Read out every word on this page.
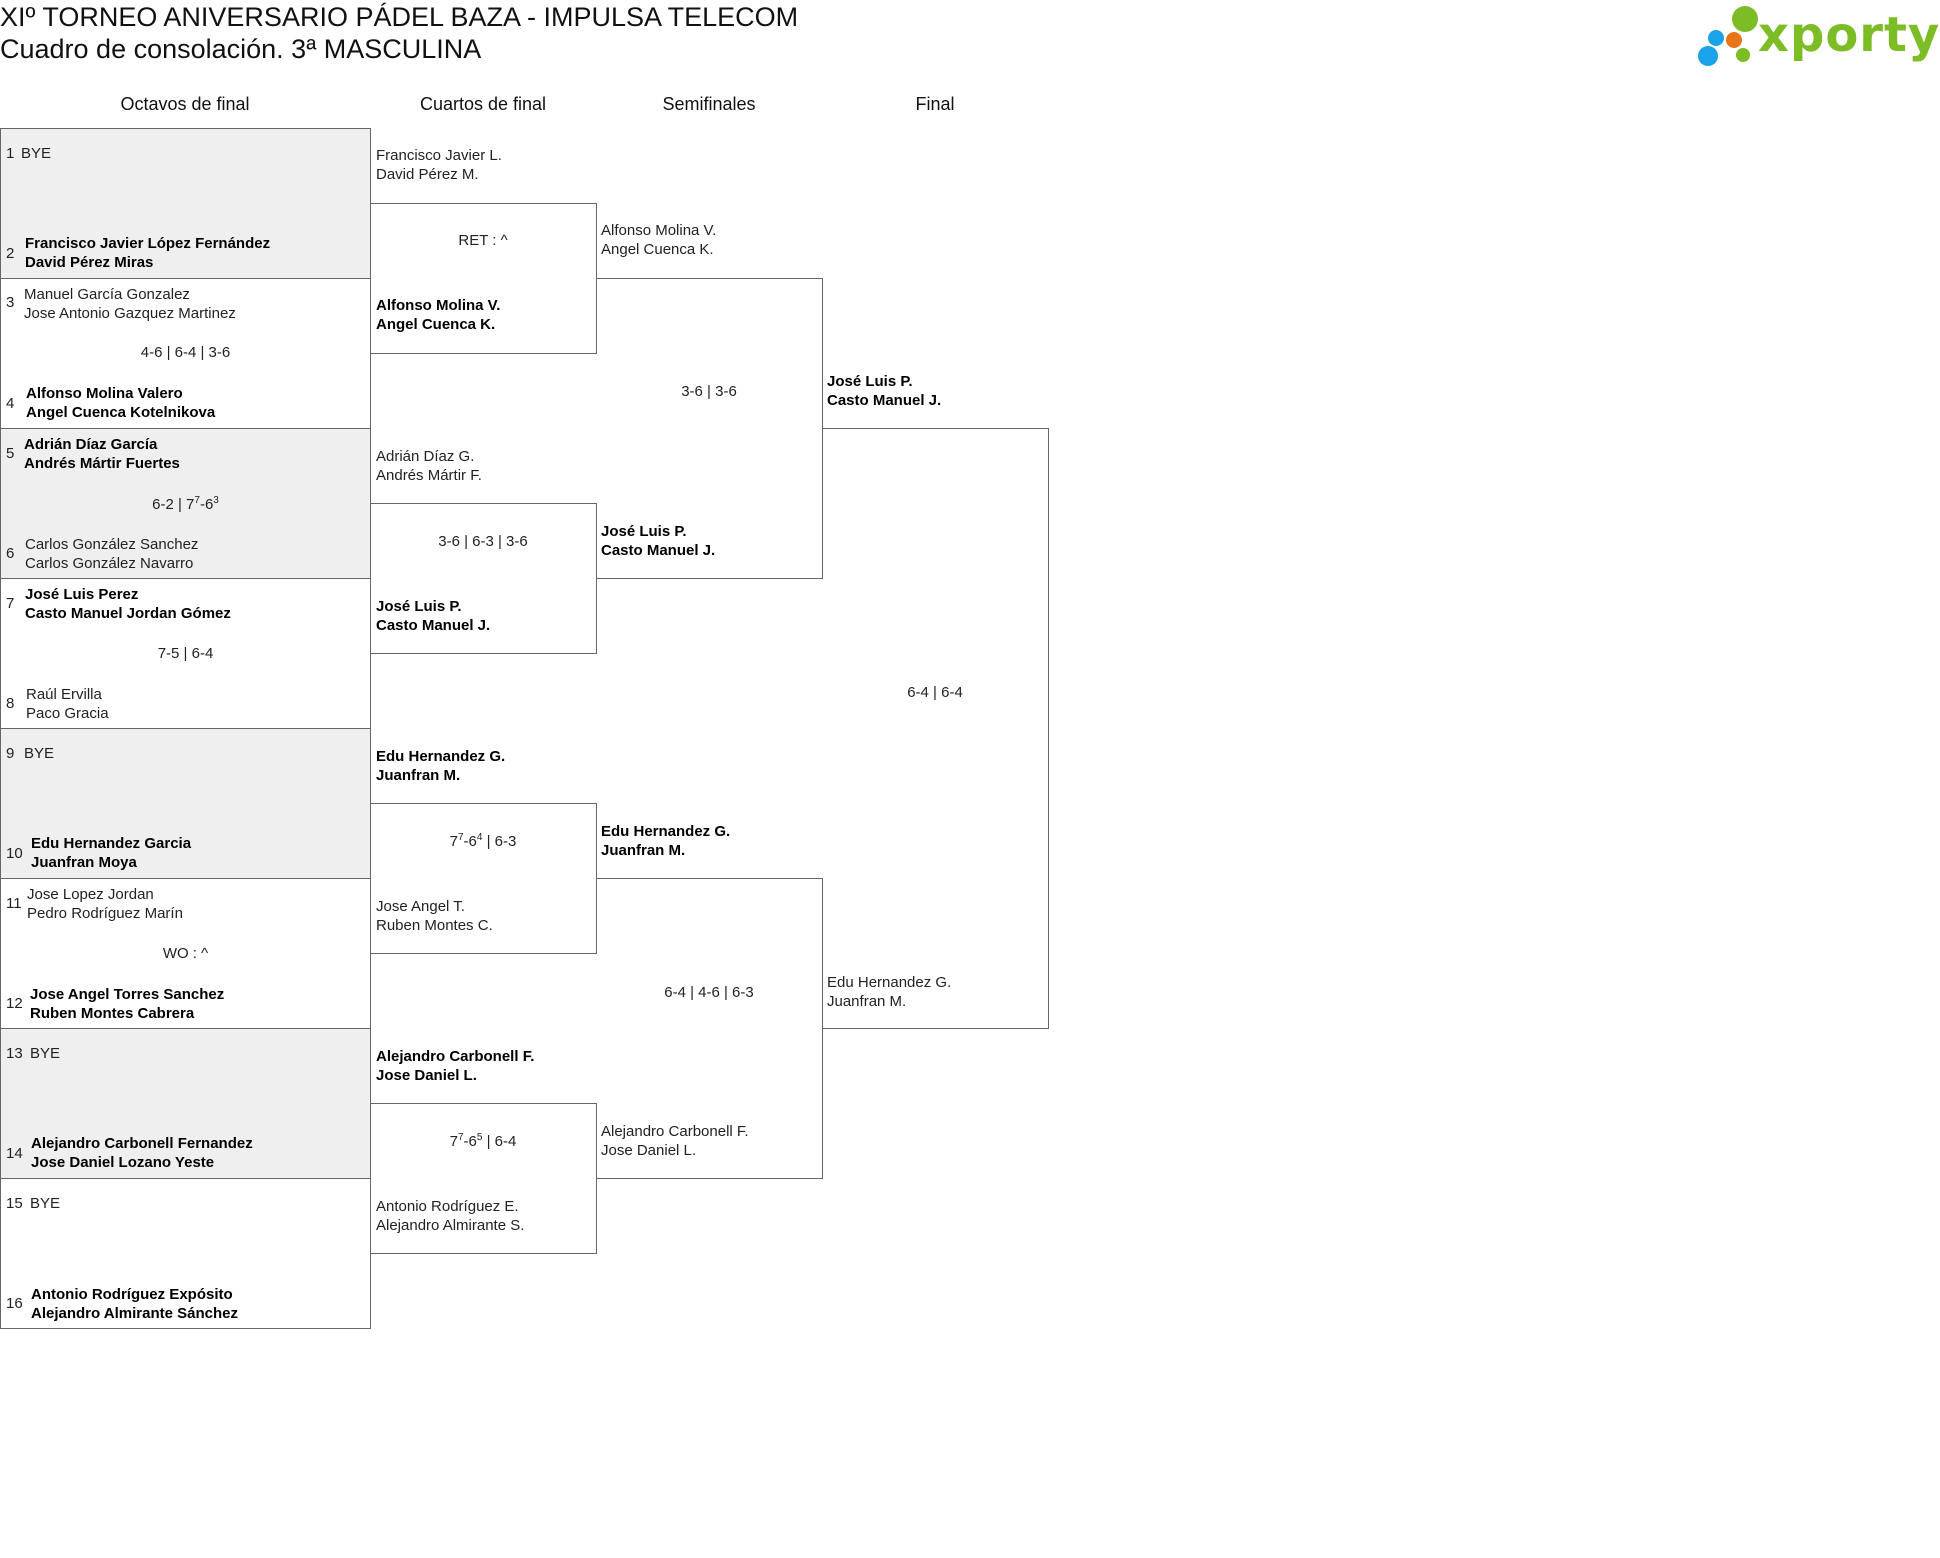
XIº TORNEO ANIVERSARIO PÁDEL BAZA - IMPULSA TELECOM
Cuadro de consolación. 3ª MASCULINA	xporty
Octavos de final	Cuartos de final	Semifinales	Final
1 BYE
2
Francisco Javier López Fernández
David Pérez Miras
3 Manuel García Gonzalez
Jose Antonio Gazquez Martinez
4-6 | 6-4 | 3-6
4
Alfonso Molina Valero
Angel Cuenca Kotelnikova
5
Adrián Díaz García
Andrés Mártir Fuertes
6-2 | $7^7-6^3$
6
Carlos González Sanchez
Carlos González Navarro
7
José Luis Perez
Casto Manuel Jordan Gómez
7-5 | 6-4
8
Raúl Ervilla
Paco Gracia
9 BYE
10
Edu Hernandez Garcia
Juanfran Moya
11
Jose Lopez Jordan
Pedro Rodríguez Marín
WO : ^
12
Jose Angel Torres Sanchez
Ruben Montes Cabrera
13 BYE
14
Alejandro Carbonell Fernandez
Jose Daniel Lozano Yeste
15 BYE
16
Antonio Rodríguez Expósito
Alejandro Almirante Sánchez
Francisco Javier L.
David Pérez M.
RET : ^
Alfonso Molina V.
Angel Cuenca K.
Adrián Díaz G.
Andrés Mártir F.
3-6 | 6-3 | 3-6
José Luis P.
Casto Manuel J.
Edu Hernandez G.
Juanfran M.
$7^7-6^4$ | 6-3
Jose Angel T.
Ruben Montes C.
Alejandro Carbonell F.
Jose Daniel L.
$7^7-6^5$ | 6-4
Antonio Rodríguez E.
Alejandro Almirante S.
Alfonso Molina V.
Angel Cuenca K.
3-6 | 3-6
José Luis P.
Casto Manuel J.
Edu Hernandez G.
Juanfran M.
6-4 | 4-6 | 6-3
Alejandro Carbonell F.
Jose Daniel L.
José Luis P.
Casto Manuel J.
6-4 | 6-4
Edu Hernandez G.
Juanfran M.
